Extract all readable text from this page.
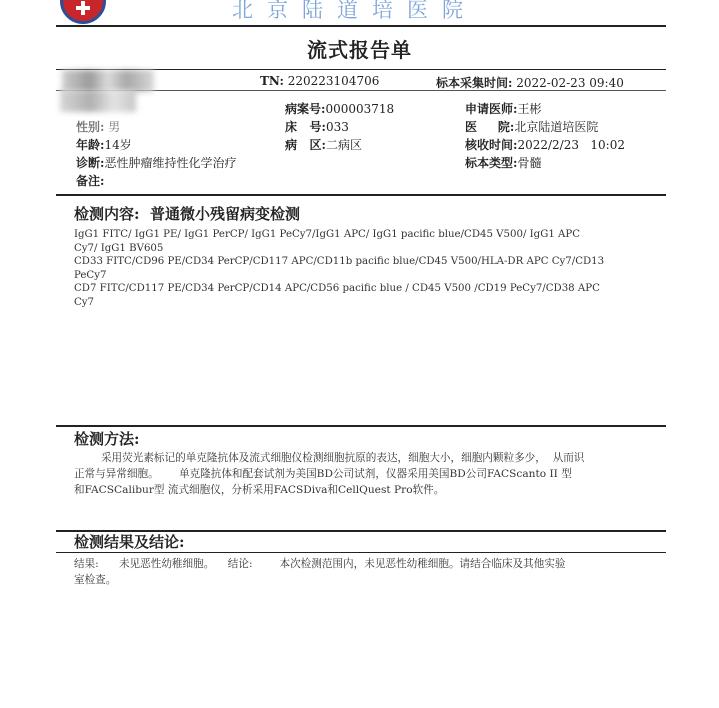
北京陆道培医院
流式报告单
TN: 220223104706	标本采集时间: 2022-02-23 09:40
病案号:000003718	申请医师:王彬
性别: 男	床   号:033	医     院:北京陆道培医院
年龄:14岁	病   区:二病区	核收时间:2022/2/23   10:02
诊断:恶性肿瘤维持性化学治疗	标本类型:骨髓
备注:
检测内容:  普通微小残留病变检测
IgG1 FITC/ IgG1 PE/ IgG1 PerCP/ IgG1 PeCy7/IgG1 APC/ IgG1 pacific blue/CD45 V500/ IgG1 APC
Cy7/ IgG1 BV605
CD33 FITC/CD96 PE/CD34 PerCP/CD117 APC/CD11b pacific blue/CD45 V500/HLA-DR APC Cy7/CD13
PeCy7
CD7 FITC/CD117 PE/CD34 PerCP/CD14 APC/CD56 pacific blue / CD45 V500 /CD19 PeCy7/CD38 APC
Cy7
检测方法:
采用荧光素标记的单克隆抗体及流式细胞仪检测细胞抗原的表达，细胞大小，细胞内颗粒多少，  从而识
正常与异常细胞。      单克隆抗体和配套试剂为美国BD公司试剂，仪器采用美国BD公司FACScanto II 型
和FACSCalibur型 流式细胞仪，分析采用FACSDiva和CellQuest Pro软件。
检测结果及结论:
结果:      未见恶性幼稚细胞。    结论:        本次检测范围内，未见恶性幼稚细胞。请结合临床及其他实验
室检查。
